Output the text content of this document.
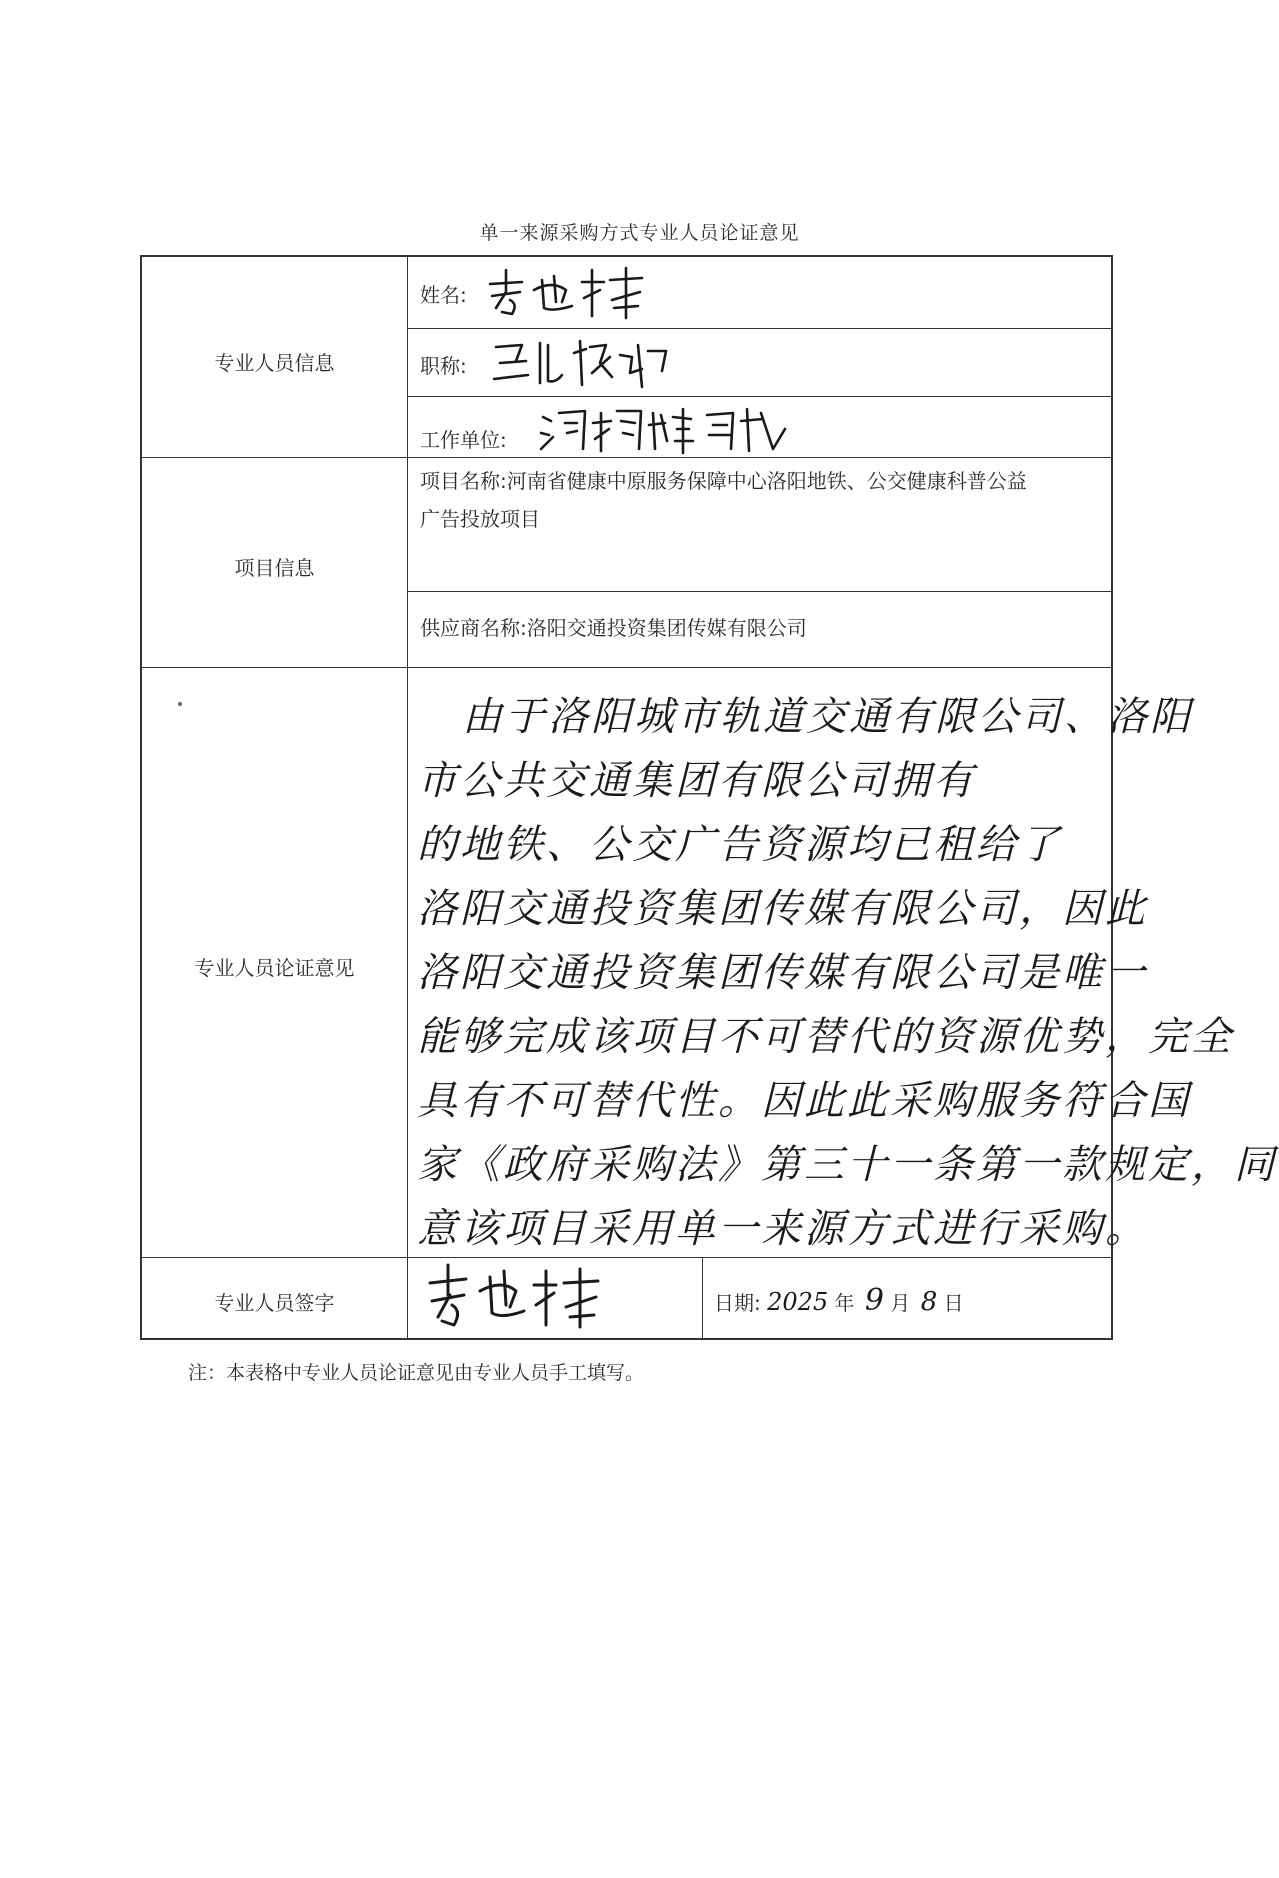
单一来源采购方式专业人员论证意见
专业人员信息
姓名:
职称:
工作单位:
项目信息
项目名称:河南省健康中原服务保障中心洛阳地铁、公交健康科普公益
广告投放项目
供应商名称:洛阳交通投资集团传媒有限公司
专业人员论证意见
由于洛阳城市轨道交通有限公司、洛阳
市公共交通集团有限公司拥有
的地铁、公交广告资源均已租给了
洛阳交通投资集团传媒有限公司，因此
洛阳交通投资集团传媒有限公司是唯一
能够完成该项目不可替代的资源优势，完全
具有不可替代性。因此此采购服务符合国
家《政府采购法》第三十一条第一款规定，同
意该项目采用单一来源方式进行采购。
专业人员签字	日期: 2025 年 9 月 8 日
注：本表格中专业人员论证意见由专业人员手工填写。
